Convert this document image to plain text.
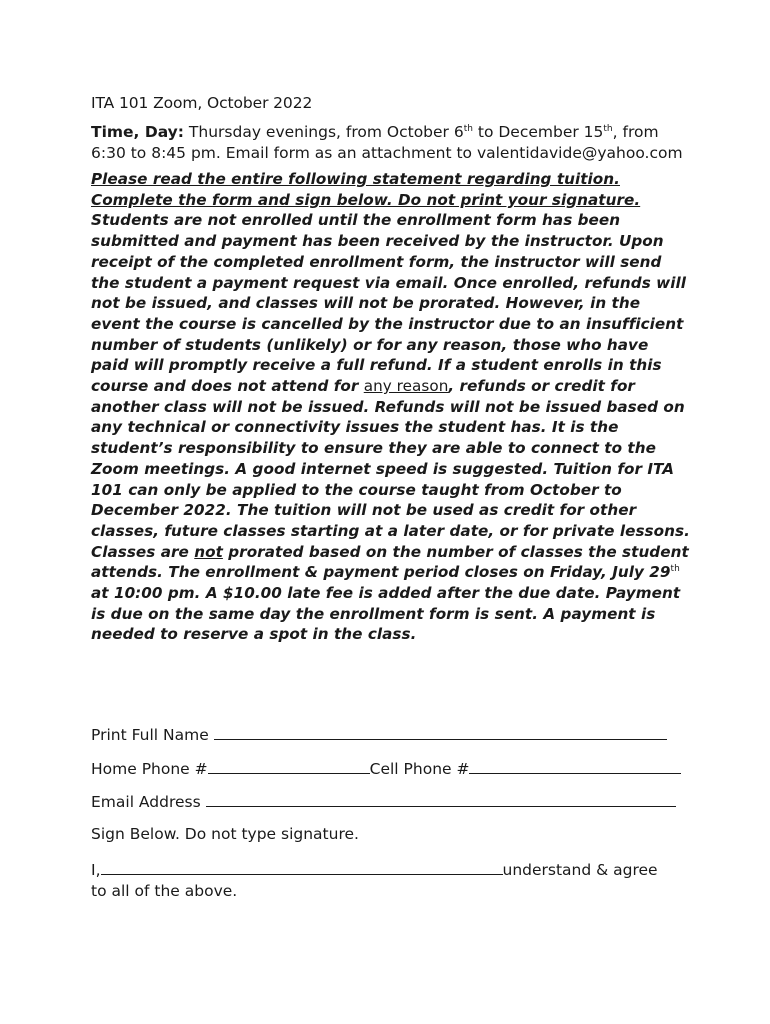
ITA 101 Zoom, October 2022

Time, Day: Thursday evenings, from October 6th to December 15th, from 6:30 to 8:45 pm. Email form as an attachment to valentidavide@yahoo.com

Please read the entire following statement regarding tuition. Complete the form and sign below. Do not print your signature. Students are not enrolled until the enrollment form has been submitted and payment has been received by the instructor. Upon receipt of the completed enrollment form, the instructor will send the student a payment request via email. Once enrolled, refunds will not be issued, and classes will not be prorated. However, in the event the course is cancelled by the instructor due to an insufficient number of students (unlikely) or for any reason, those who have paid will promptly receive a full refund. If a student enrolls in this course and does not attend for any reason, refunds or credit for another class will not be issued. Refunds will not be issued based on any technical or connectivity issues the student has. It is the student’s responsibility to ensure they are able to connect to the Zoom meetings. A good internet speed is suggested. Tuition for ITA 101 can only be applied to the course taught from October to December 2022. The tuition will not be used as credit for other classes, future classes starting at a later date, or for private lessons. Classes are not prorated based on the number of classes the student attends. The enrollment & payment period closes on Friday, July 29th at 10:00 pm. A $10.00 late fee is added after the due date. Payment is due on the same day the enrollment form is sent. A payment is needed to reserve a spot in the class.

Print Full Name
Home Phone #	Cell Phone #
Email Address
Sign Below. Do not type signature.
I,	understand & agree
to all of the above.
